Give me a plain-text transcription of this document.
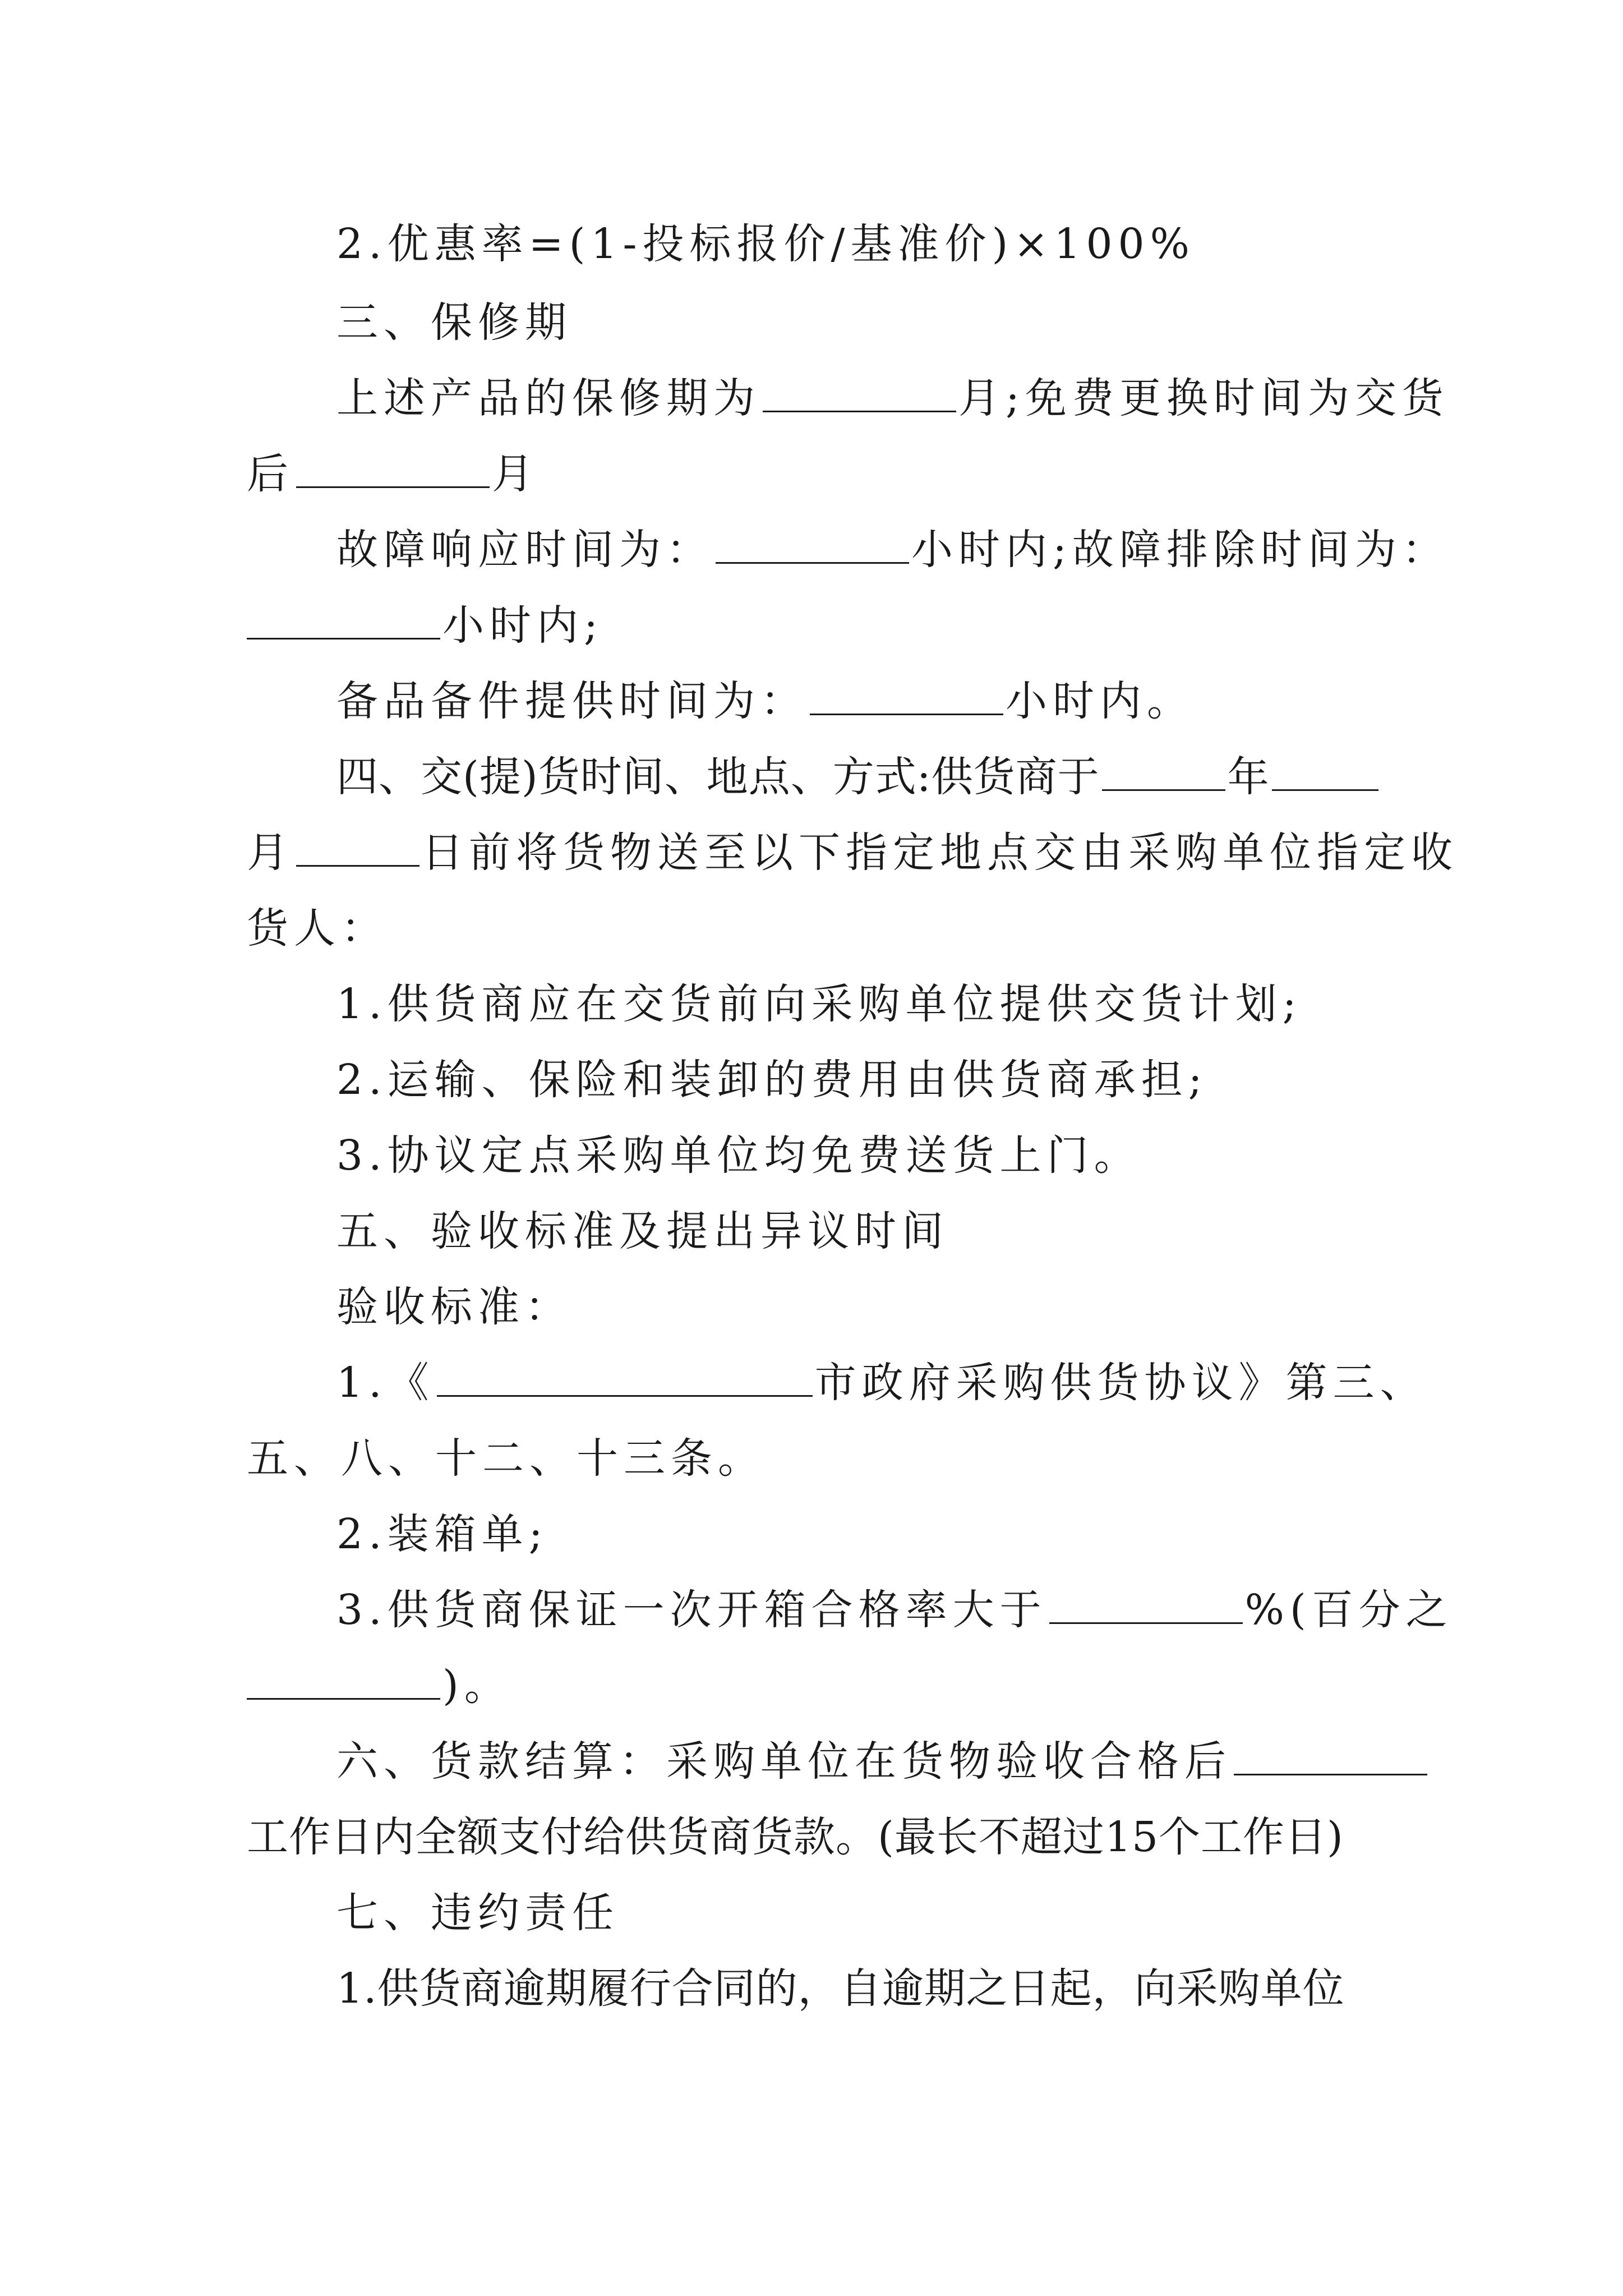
2.优惠率=(1-投标报价/基准价)×100%
三、保修期
上述产品的保修期为	月;免费更换时间为交货
后	月
故障响应时间为：	小时内;故障排除时间为：
小时内;
备品备件提供时间为：	小时内。
四、交(提)货时间、地点、方式:供货商于	年
月	日前将货物送至以下指定地点交由采购单位指定收
货人：
1.供货商应在交货前向采购单位提供交货计划;
2.运输、保险和装卸的费用由供货商承担;
3.协议定点采购单位均免费送货上门。
五、验收标准及提出异议时间
验收标准：
1.《	市政府采购供货协议》第三、
五、八、十二、十三条。
2.装箱单;
3.供货商保证一次开箱合格率大于	%(百分之
)。
六、货款结算：采购单位在货物验收合格后
工作日内全额支付给供货商货款。(最长不超过15个工作日)
七、违约责任
1.供货商逾期履行合同的，自逾期之日起，向采购单位
